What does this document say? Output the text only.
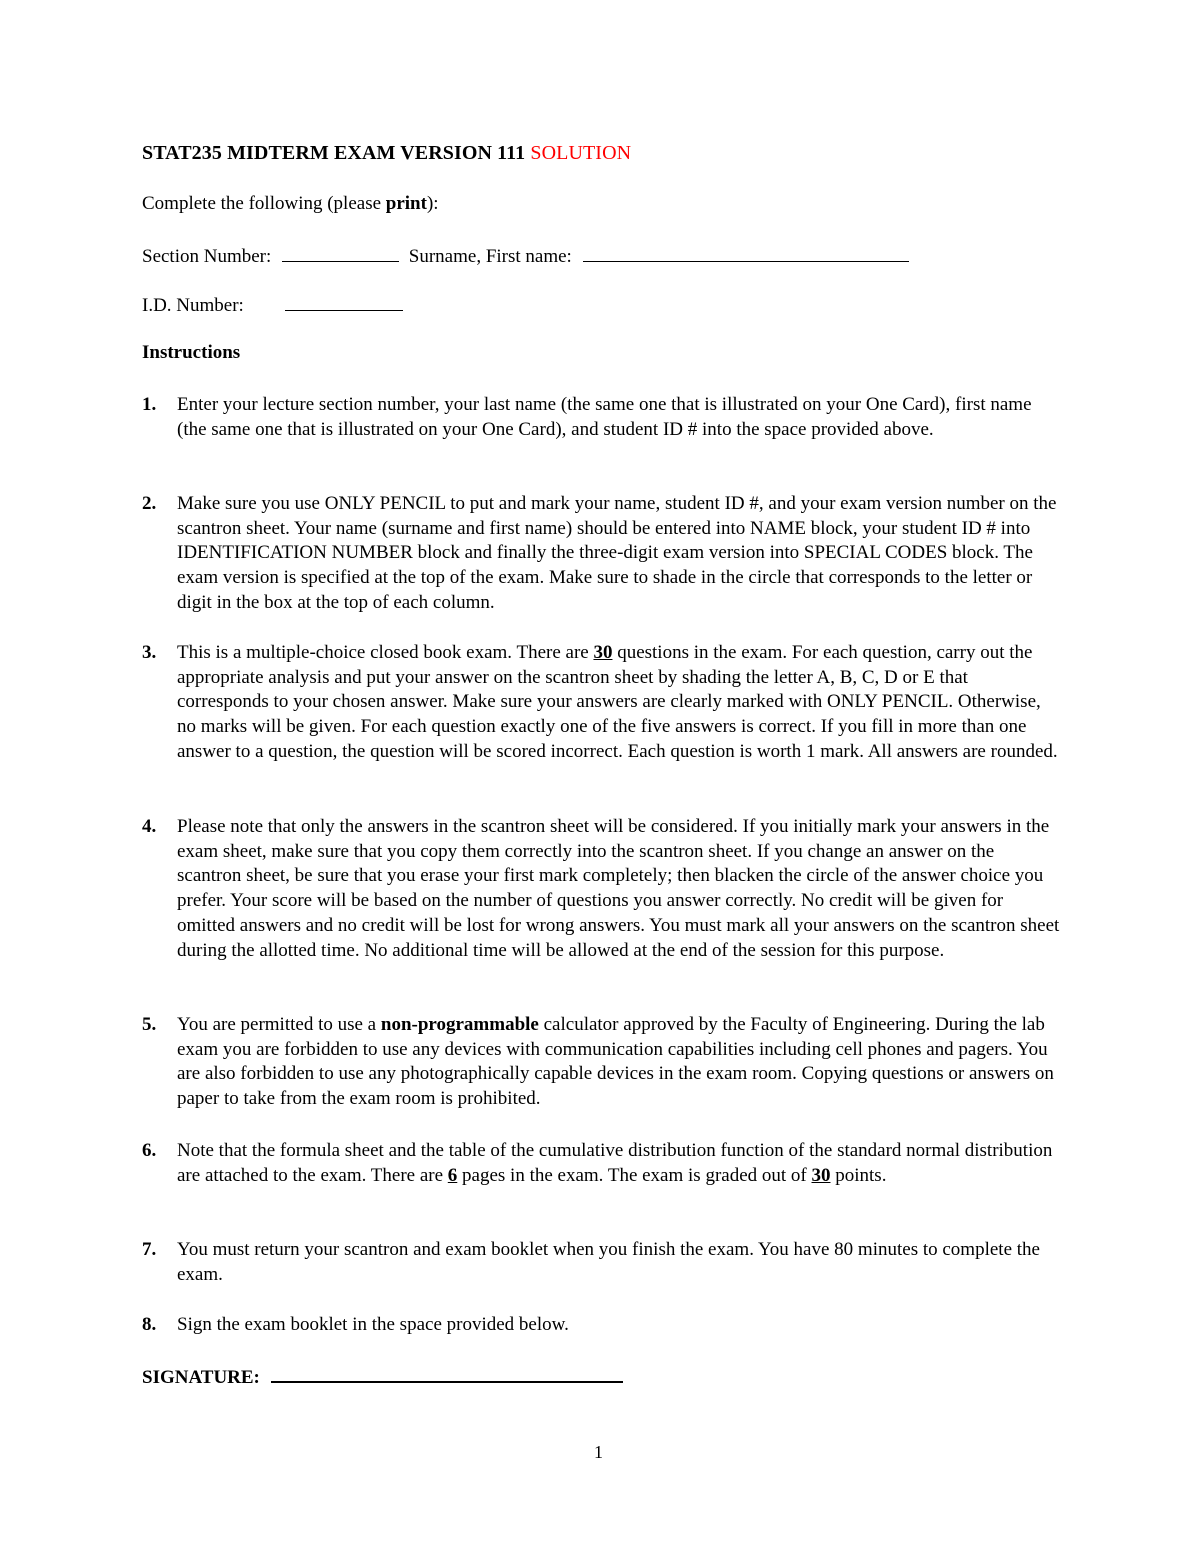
STAT235 MIDTERM EXAM VERSION 111 SOLUTION
Complete the following (please print):
Section Number:	Surname, First name:
I.D. Number:
Instructions
1. Enter your lecture section number, your last name (the same one that is illustrated on your One Card), first name (the same one that is illustrated on your One Card), and student ID # into the space provided above.
2. Make sure you use ONLY PENCIL to put and mark your name, student ID #, and your exam version number on the scantron sheet. Your name (surname and first name) should be entered into NAME block, your student ID # into IDENTIFICATION NUMBER block and finally the three-digit exam version into SPECIAL CODES block. The exam version is specified at the top of the exam. Make sure to shade in the circle that corresponds to the letter or digit in the box at the top of each column.
3. This is a multiple-choice closed book exam. There are 30 questions in the exam. For each question, carry out the appropriate analysis and put your answer on the scantron sheet by shading the letter A, B, C, D or E that corresponds to your chosen answer. Make sure your answers are clearly marked with ONLY PENCIL. Otherwise, no marks will be given. For each question exactly one of the five answers is correct. If you fill in more than one answer to a question, the question will be scored incorrect. Each question is worth 1 mark. All answers are rounded.
4. Please note that only the answers in the scantron sheet will be considered. If you initially mark your answers in the exam sheet, make sure that you copy them correctly into the scantron sheet. If you change an answer on the scantron sheet, be sure that you erase your first mark completely; then blacken the circle of the answer choice you prefer. Your score will be based on the number of questions you answer correctly. No credit will be given for omitted answers and no credit will be lost for wrong answers. You must mark all your answers on the scantron sheet during the allotted time. No additional time will be allowed at the end of the session for this purpose.
5. You are permitted to use a non-programmable calculator approved by the Faculty of Engineering. During the lab exam you are forbidden to use any devices with communication capabilities including cell phones and pagers. You are also forbidden to use any photographically capable devices in the exam room. Copying questions or answers on paper to take from the exam room is prohibited.
6. Note that the formula sheet and the table of the cumulative distribution function of the standard normal distribution are attached to the exam. There are 6 pages in the exam. The exam is graded out of 30 points.
7. You must return your scantron and exam booklet when you finish the exam. You have 80 minutes to complete the exam.
8. Sign the exam booklet in the space provided below.
SIGNATURE:
1
